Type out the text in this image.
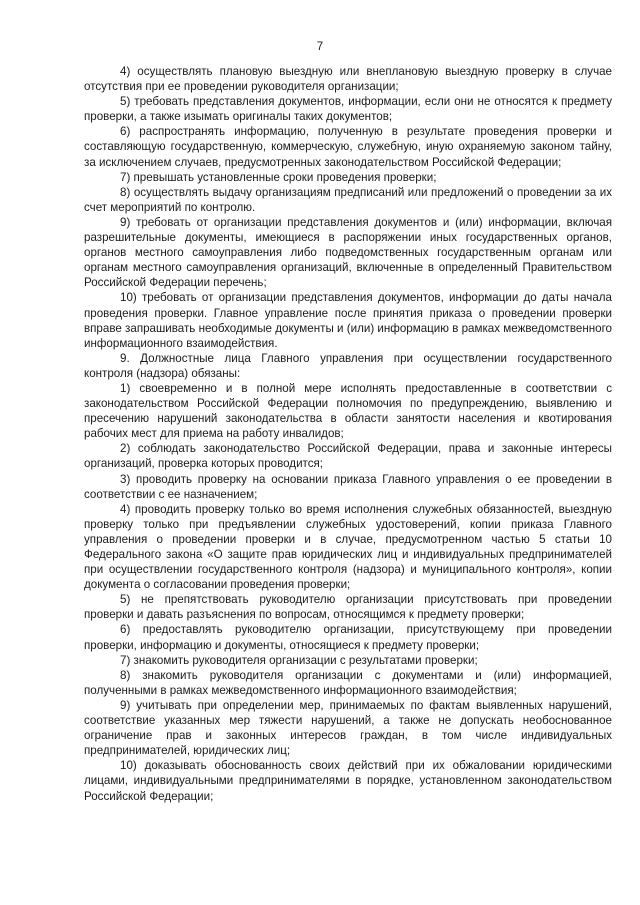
7

4) осуществлять плановую выездную или внеплановую выездную проверку в случае отсутствия при ее проведении руководителя организации;

5) требовать представления документов, информации, если они не относятся к предмету проверки, а также изымать оригиналы таких документов;

6) распространять информацию, полученную в результате проведения проверки и составляющую государственную, коммерческую, служебную, иную охраняемую законом тайну, за исключением случаев, предусмотренных законодательством Российской Федерации;

7) превышать установленные сроки проведения проверки;

8) осуществлять выдачу организациям предписаний или предложений о проведении за их счет мероприятий по контролю.

9) требовать от организации представления документов и (или) информации, включая разрешительные документы, имеющиеся в распоряжении иных государственных органов, органов местного самоуправления либо подведомственных государственным органам или органам местного самоуправления организаций, включенные в определенный Правительством Российской Федерации перечень;

10) требовать от организации представления документов, информации до даты начала проведения проверки. Главное управление после принятия приказа о проведении проверки вправе запрашивать необходимые документы и (или) информацию в рамках межведомственного информационного взаимодействия.

9. Должностные лица Главного управления при осуществлении государственного контроля (надзора) обязаны:

1) своевременно и в полной мере исполнять предоставленные в соответствии с законодательством Российской Федерации полномочия по предупреждению, выявлению и пресечению нарушений законодательства в области занятости населения и квотирования рабочих мест для приема на работу инвалидов;

2) соблюдать законодательство Российской Федерации, права и законные интересы организаций, проверка которых проводится;

3) проводить проверку на основании приказа Главного управления о ее проведении в соответствии с ее назначением;

4) проводить проверку только во время исполнения служебных обязанностей, выездную проверку только при предъявлении служебных удостоверений, копии приказа Главного управления о проведении проверки и в случае, предусмотренном частью 5 статьи 10 Федерального закона «О защите прав юридических лиц и индивидуальных предпринимателей при осуществлении государственного контроля (надзора) и муниципального контроля», копии документа о согласовании проведения проверки;

5) не препятствовать руководителю организации присутствовать при проведении проверки и давать разъяснения по вопросам, относящимся к предмету проверки;

6) предоставлять руководителю организации, присутствующему при проведении проверки, информацию и документы, относящиеся к предмету проверки;

7) знакомить руководителя организации с результатами проверки;

8) знакомить руководителя организации с документами и (или) информацией, полученными в рамках межведомственного информационного взаимодействия;

9) учитывать при определении мер, принимаемых по фактам выявленных нарушений, соответствие указанных мер тяжести нарушений, а также не допускать необоснованное ограничение прав и законных интересов граждан, в том числе индивидуальных предпринимателей, юридических лиц;

10) доказывать обоснованность своих действий при их обжаловании юридическими лицами, индивидуальными предпринимателями в порядке, установленном законодательством Российской Федерации;
